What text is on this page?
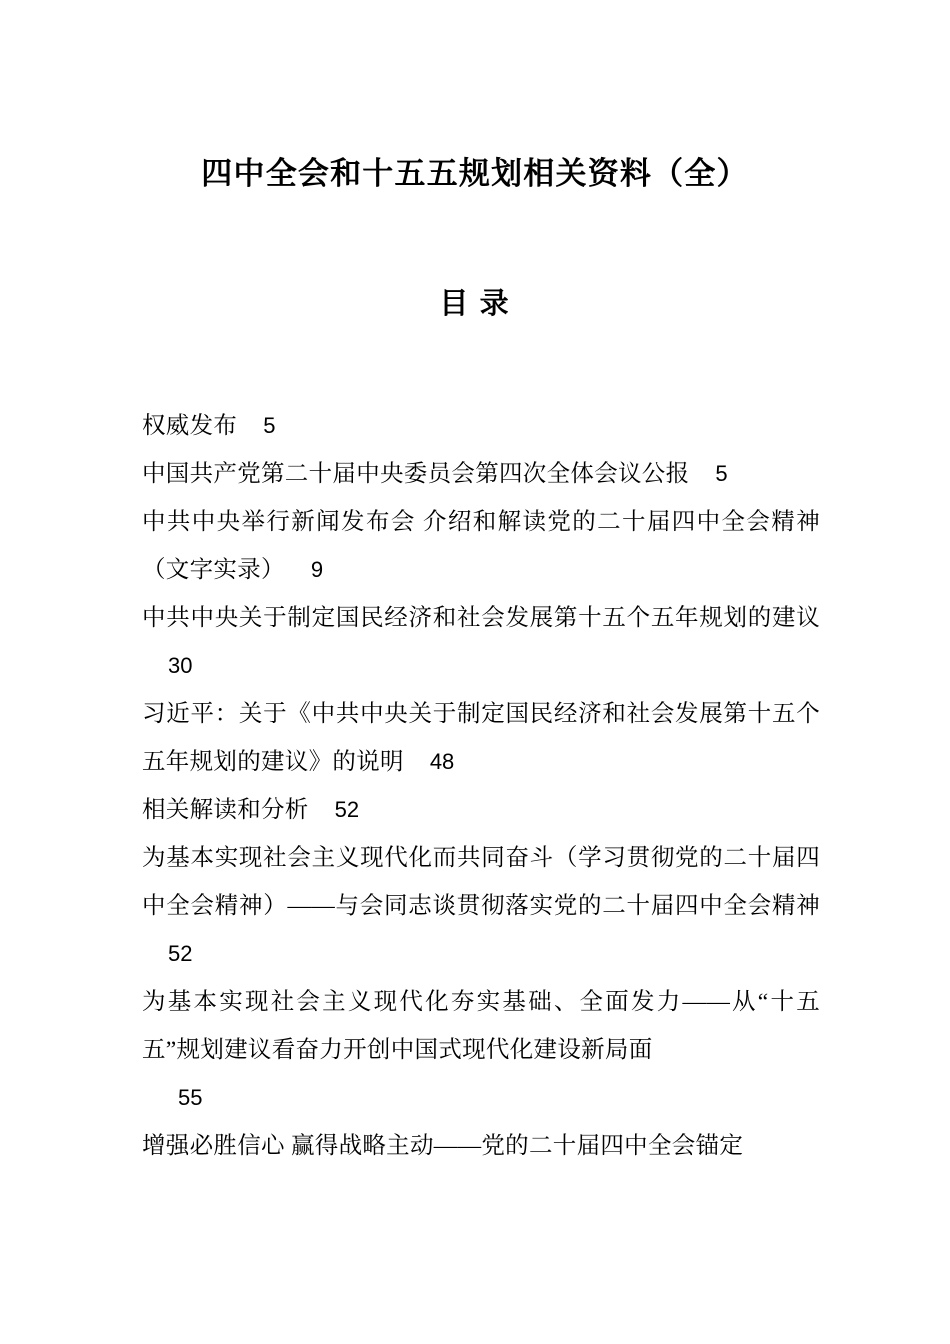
四中全会和十五五规划相关资料（全）
目 录

权威发布 5

中国共产党第二十届中央委员会第四次全体会议公报 5

中共中央举行新闻发布会 介绍和解读党的二十届四中全会精神（文字实录） 9

中共中央关于制定国民经济和社会发展第十五个五年规划的建议30

习近平：关于《中共中央关于制定国民经济和社会发展第十五个五年规划的建议》的说明 48

相关解读和分析 52

为基本实现社会主义现代化而共同奋斗（学习贯彻党的二十届四中全会精神）——与会同志谈贯彻落实党的二十届四中全会精神52

为基本实现社会主义现代化夯实基础、全面发力——从“十五五”规划建议看奋力开创中国式现代化建设新局面
55

增强必胜信心 赢得战略主动——党的二十届四中全会锚定
